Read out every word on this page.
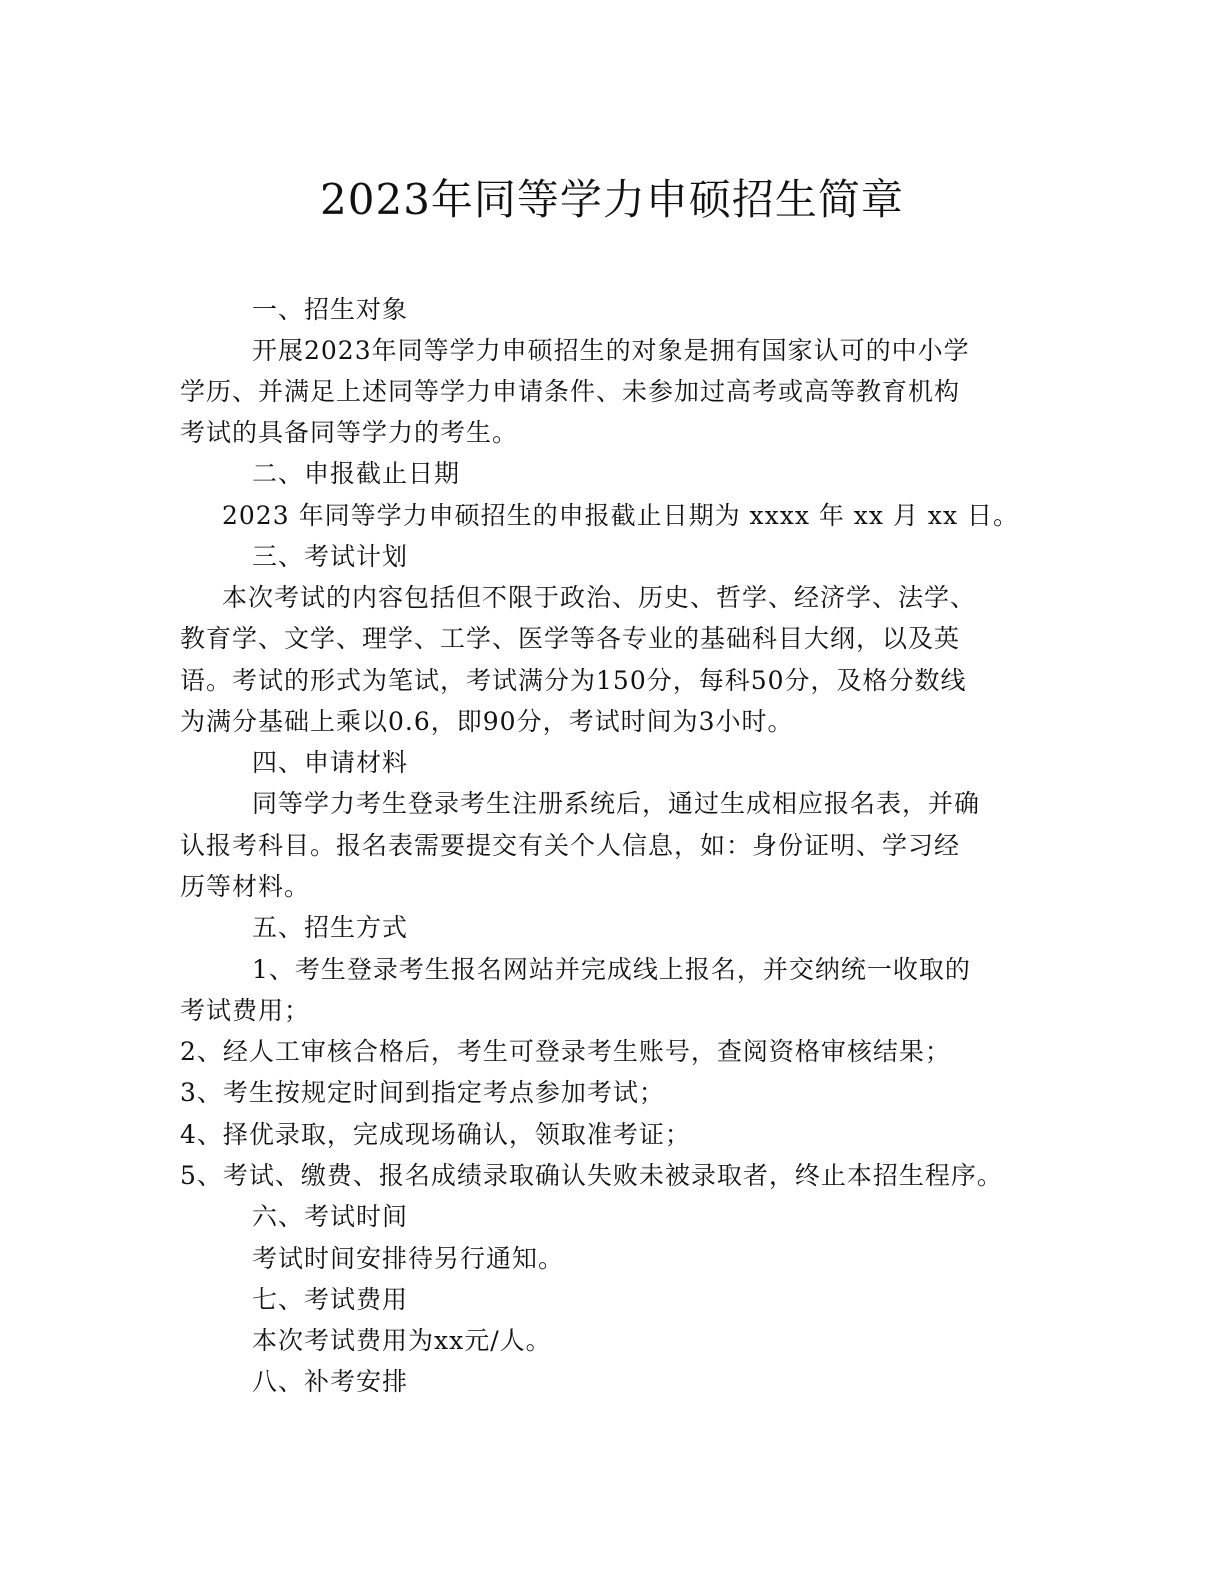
2023年同等学力申硕招生简章

一、招生对象

开展2023年同等学力申硕招生的对象是拥有国家认可的中小学

学历、并满足上述同等学力申请条件、未参加过高考或高等教育机构

考试的具备同等学力的考生。

二、申报截止日期

2023 年同等学力申硕招生的申报截止日期为 xxxx 年 xx 月 xx 日。

三、考试计划

本次考试的内容包括但不限于政治、历史、哲学、经济学、法学、

教育学、文学、理学、工学、医学等各专业的基础科目大纲，以及英

语。考试的形式为笔试，考试满分为150分，每科50分，及格分数线

为满分基础上乘以0.6，即90分，考试时间为3小时。

四、申请材料

同等学力考生登录考生注册系统后，通过生成相应报名表，并确

认报考科目。报名表需要提交有关个人信息，如：身份证明、学习经

历等材料。

五、招生方式

1、考生登录考生报名网站并完成线上报名，并交纳统一收取的

考试费用；

2、经人工审核合格后，考生可登录考生账号，查阅资格审核结果；

3、考生按规定时间到指定考点参加考试；

4、择优录取，完成现场确认，领取准考证；

5、考试、缴费、报名成绩录取确认失败未被录取者，终止本招生程序。

六、考试时间

考试时间安排待另行通知。

七、考试费用

本次考试费用为xx元/人。

八、补考安排
